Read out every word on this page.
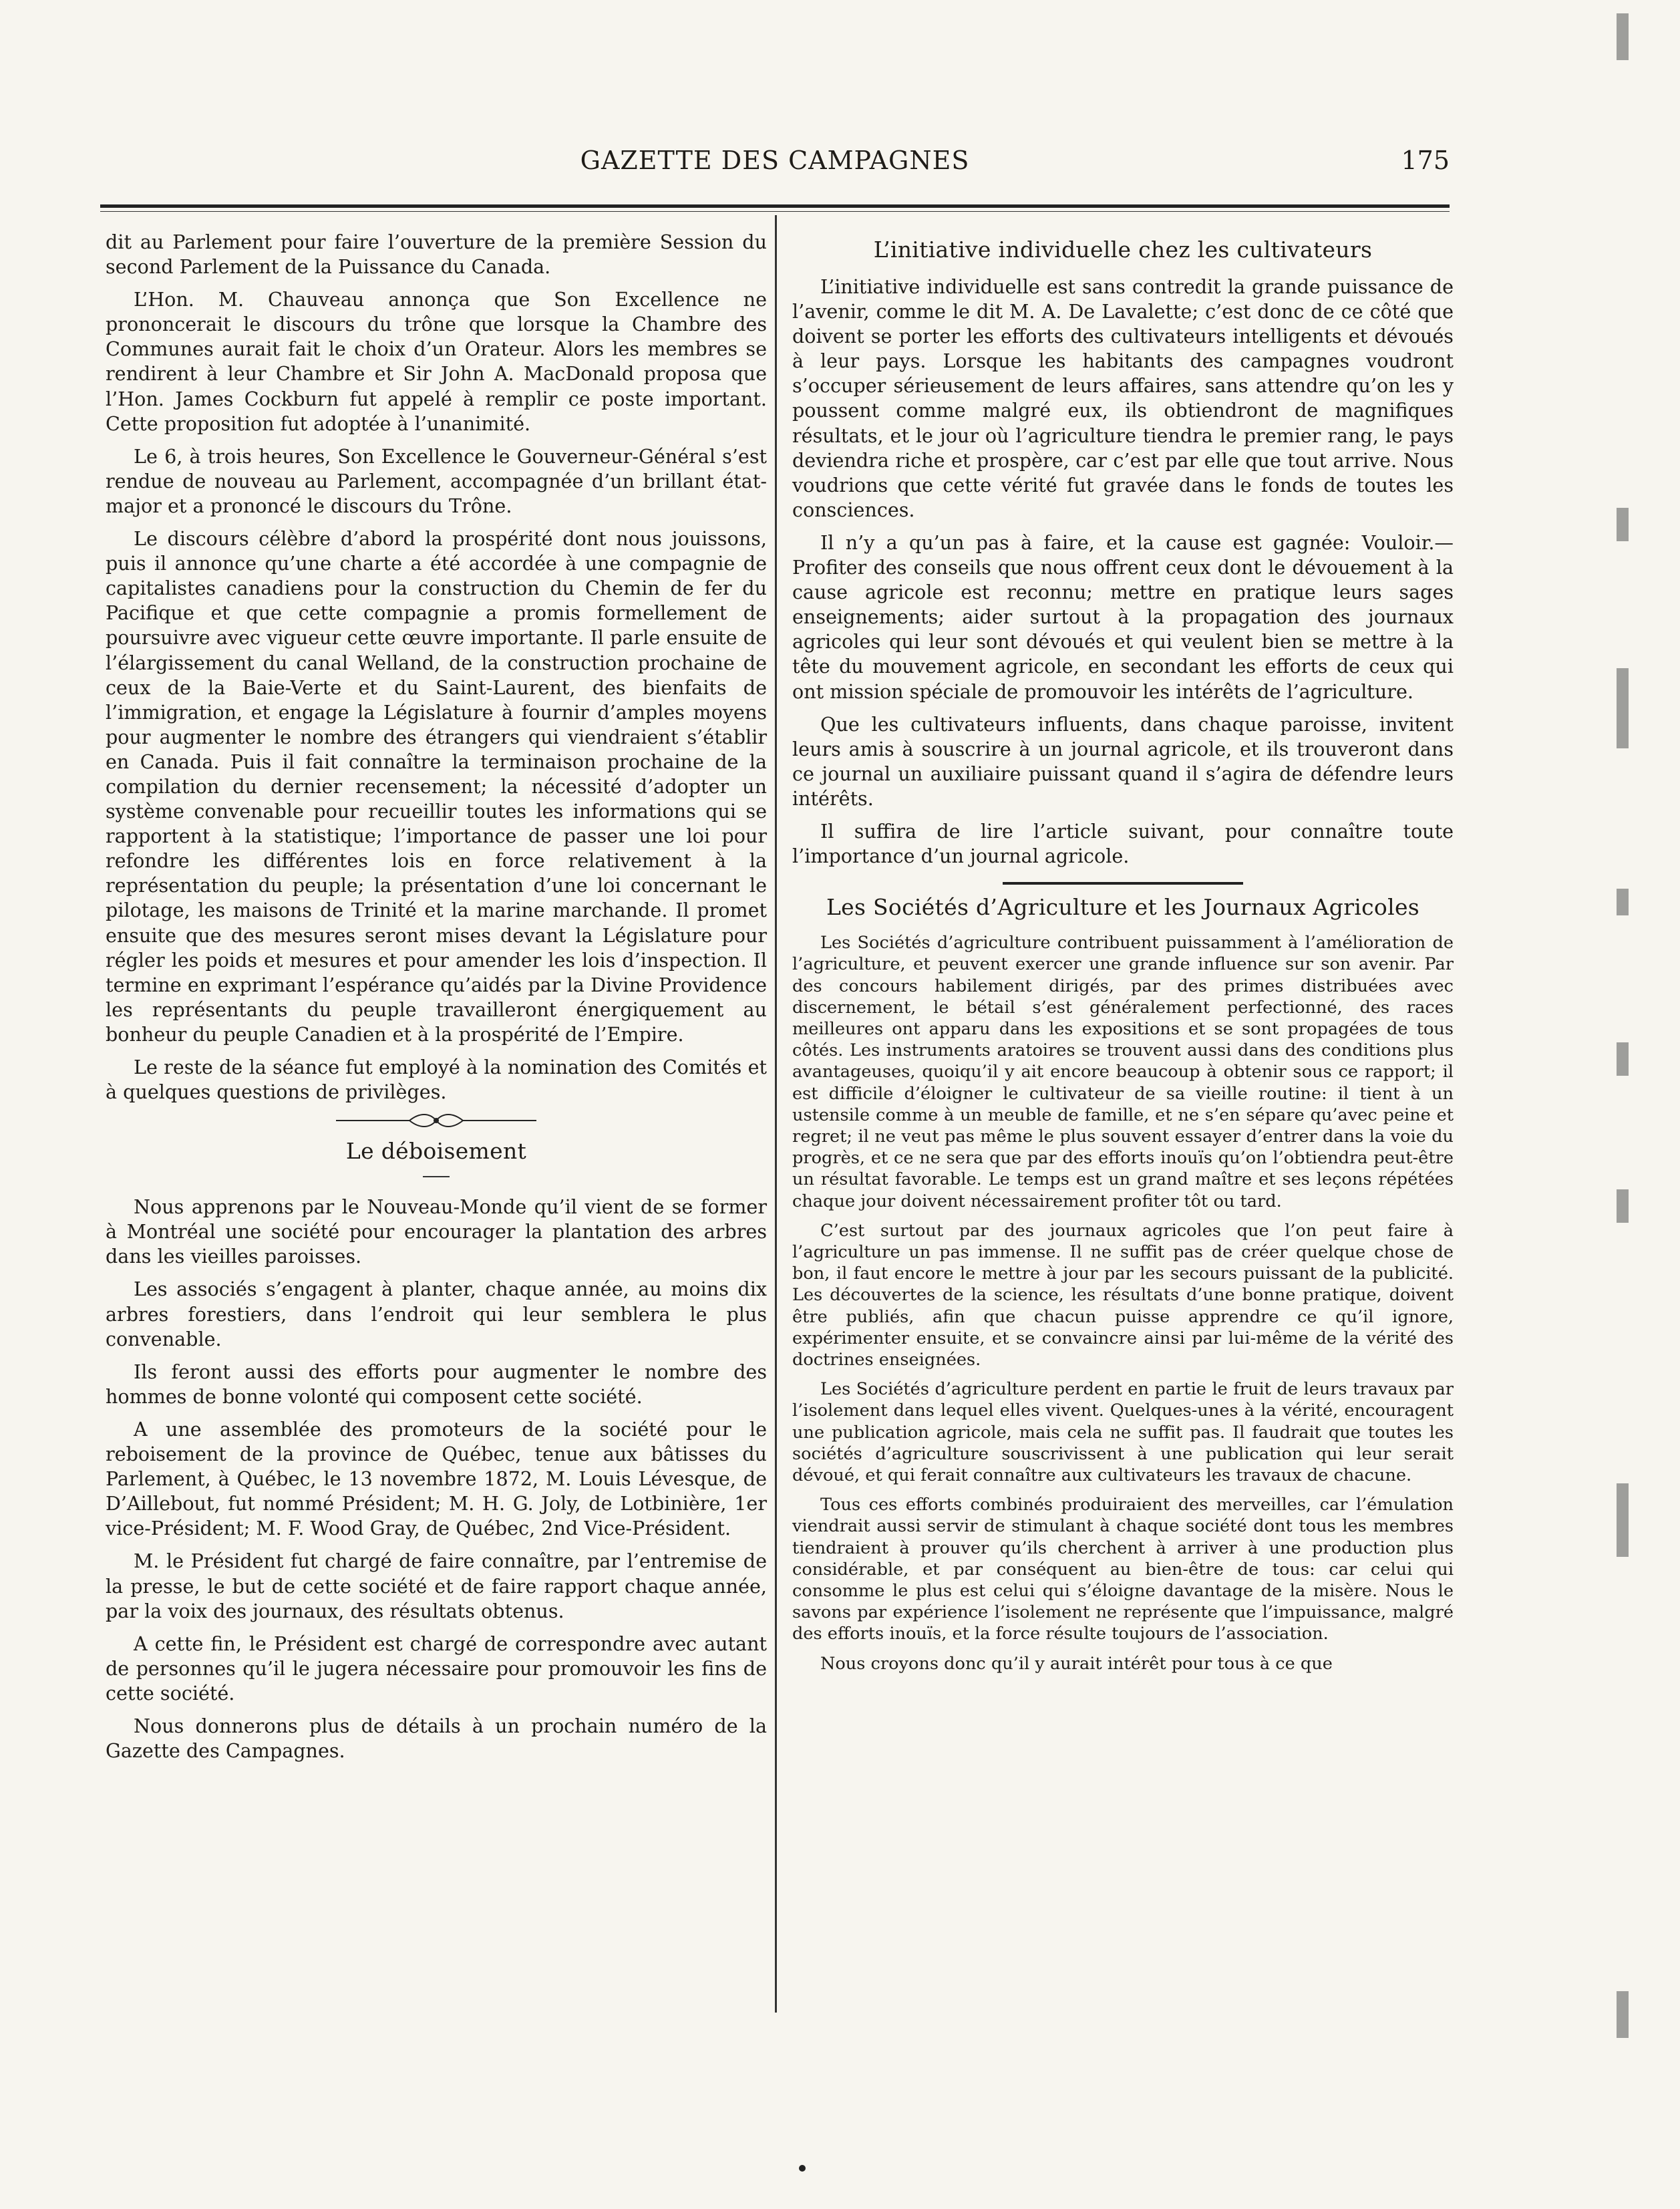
GAZETTE DES CAMPAGNES	175

dit au Parlement pour faire l’ouverture de la première Session du second Parlement de la Puissance du Canada.

L’Hon. M. Chauveau annonça que Son Excellence ne prononcerait le discours du trône que lorsque la Chambre des Communes aurait fait le choix d’un Orateur. Alors les membres se rendirent à leur Chambre et Sir John A. MacDonald proposa que l’Hon. James Cockburn fut appelé à remplir ce poste important. Cette proposition fut adoptée à l’unanimité.

Le 6, à trois heures, Son Excellence le Gouverneur-Général s’est rendue de nouveau au Parlement, accompagnée d’un brillant état-major et a prononcé le discours du Trône.

Le discours célèbre d’abord la prospérité dont nous jouissons, puis il annonce qu’une charte a été accordée à une compagnie de capitalistes canadiens pour la construction du Chemin de fer du Pacifique et que cette compagnie a promis formellement de poursuivre avec vigueur cette œuvre importante. Il parle ensuite de l’élargissement du canal Welland, de la construction prochaine de ceux de la Baie-Verte et du Saint-Laurent, des bienfaits de l’immigration, et engage la Législature à fournir d’amples moyens pour augmenter le nombre des étrangers qui viendraient s’établir en Canada. Puis il fait connaître la terminaison prochaine de la compilation du dernier recensement; la nécessité d’adopter un système convenable pour recueillir toutes les informations qui se rapportent à la statistique; l’importance de passer une loi pour refondre les différentes lois en force relativement à la représentation du peuple; la présentation d’une loi concernant le pilotage, les maisons de Trinité et la marine marchande. Il promet ensuite que des mesures seront mises devant la Législature pour régler les poids et mesures et pour amender les lois d’inspection. Il termine en exprimant l’espérance qu’aidés par la Divine Providence les représentants du peuple travailleront énergiquement au bonheur du peuple Canadien et à la prospérité de l’Empire.

Le reste de la séance fut employé à la nomination des Comités et à quelques questions de privilèges.

Le déboisement

Nous apprenons par le Nouveau-Monde qu’il vient de se former à Montréal une société pour encourager la plantation des arbres dans les vieilles paroisses.

Les associés s’engagent à planter, chaque année, au moins dix arbres forestiers, dans l’endroit qui leur semblera le plus convenable.

Ils feront aussi des efforts pour augmenter le nombre des hommes de bonne volonté qui composent cette société.

A une assemblée des promoteurs de la société pour le reboisement de la province de Québec, tenue aux bâtisses du Parlement, à Québec, le 13 novembre 1872, M. Louis Lévesque, de D’Aillebout, fut nommé Président; M. H. G. Joly, de Lotbinière, 1er vice-Président; M. F. Wood Gray, de Québec, 2nd Vice-Président.

M. le Président fut chargé de faire connaître, par l’entremise de la presse, le but de cette société et de faire rapport chaque année, par la voix des journaux, des résultats obtenus.

A cette fin, le Président est chargé de correspondre avec autant de personnes qu’il le jugera nécessaire pour promouvoir les fins de cette société.

Nous donnerons plus de détails à un prochain numéro de la Gazette des Campagnes.

L’initiative individuelle chez les cultivateurs

L’initiative individuelle est sans contredit la grande puissance de l’avenir, comme le dit M. A. De Lavalette; c’est donc de ce côté que doivent se porter les efforts des cultivateurs intelligents et dévoués à leur pays. Lorsque les habitants des campagnes voudront s’occuper sérieusement de leurs affaires, sans attendre qu’on les y poussent comme malgré eux, ils obtiendront de magnifiques résultats, et le jour où l’agriculture tiendra le premier rang, le pays deviendra riche et prospère, car c’est par elle que tout arrive. Nous voudrions que cette vérité fut gravée dans le fonds de toutes les consciences.

Il n’y a qu’un pas à faire, et la cause est gagnée: Vouloir.—Profiter des conseils que nous offrent ceux dont le dévouement à la cause agricole est reconnu; mettre en pratique leurs sages enseignements; aider surtout à la propagation des journaux agricoles qui leur sont dévoués et qui veulent bien se mettre à la tête du mouvement agricole, en secondant les efforts de ceux qui ont mission spéciale de promouvoir les intérêts de l’agriculture.

Que les cultivateurs influents, dans chaque paroisse, invitent leurs amis à souscrire à un journal agricole, et ils trouveront dans ce journal un auxiliaire puissant quand il s’agira de défendre leurs intérêts.

Il suffira de lire l’article suivant, pour connaître toute l’importance d’un journal agricole.

Les Sociétés d’Agriculture et les Journaux Agricoles

Les Sociétés d’agriculture contribuent puissamment à l’amélioration de l’agriculture, et peuvent exercer une grande influence sur son avenir. Par des concours habilement dirigés, par des primes distribuées avec discernement, le bétail s’est généralement perfectionné, des races meilleures ont apparu dans les expositions et se sont propagées de tous côtés. Les instruments aratoires se trouvent aussi dans des conditions plus avantageuses, quoiqu’il y ait encore beaucoup à obtenir sous ce rapport; il est difficile d’éloigner le cultivateur de sa vieille routine: il tient à un ustensile comme à un meuble de famille, et ne s’en sépare qu’avec peine et regret; il ne veut pas même le plus souvent essayer d’entrer dans la voie du progrès, et ce ne sera que par des efforts inouïs qu’on l’obtiendra peut-être un résultat favorable. Le temps est un grand maître et ses leçons répétées chaque jour doivent nécessairement profiter tôt ou tard.

C’est surtout par des journaux agricoles que l’on peut faire à l’agriculture un pas immense. Il ne suffit pas de créer quelque chose de bon, il faut encore le mettre à jour par les secours puissant de la publicité. Les découvertes de la science, les résultats d’une bonne pratique, doivent être publiés, afin que chacun puisse apprendre ce qu’il ignore, expérimenter ensuite, et se convaincre ainsi par lui-même de la vérité des doctrines enseignées.

Les Sociétés d’agriculture perdent en partie le fruit de leurs travaux par l’isolement dans lequel elles vivent. Quelques-unes à la vérité, encouragent une publication agricole, mais cela ne suffit pas. Il faudrait que toutes les sociétés d’agriculture souscrivissent à une publication qui leur serait dévoué, et qui ferait connaître aux cultivateurs les travaux de chacune.

Tous ces efforts combinés produiraient des merveilles, car l’émulation viendrait aussi servir de stimulant à chaque société dont tous les membres tiendraient à prouver qu’ils cherchent à arriver à une production plus considérable, et par conséquent au bien-être de tous: car celui qui consomme le plus est celui qui s’éloigne davantage de la misère. Nous le savons par expérience l’isolement ne représente que l’impuissance, malgré des efforts inouïs, et la force résulte toujours de l’association.

Nous croyons donc qu’il y aurait intérêt pour tous à ce que
